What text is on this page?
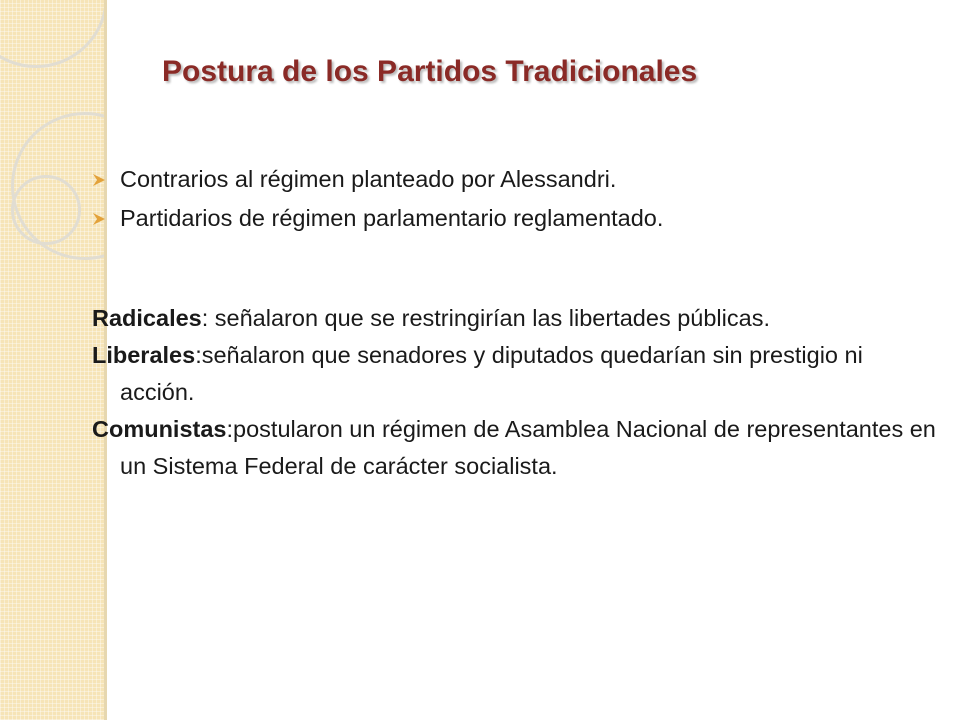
Postura de los Partidos Tradicionales
Contrarios al régimen planteado por Alessandri.
Partidarios de régimen parlamentario reglamentado.

Radicales: señalaron que se restringirían las libertades públicas.

Liberales:señalaron que senadores y diputados quedarían sin prestigio ni acción.

Comunistas:postularon un régimen de Asamblea Nacional de representantes en un Sistema Federal de carácter socialista.
